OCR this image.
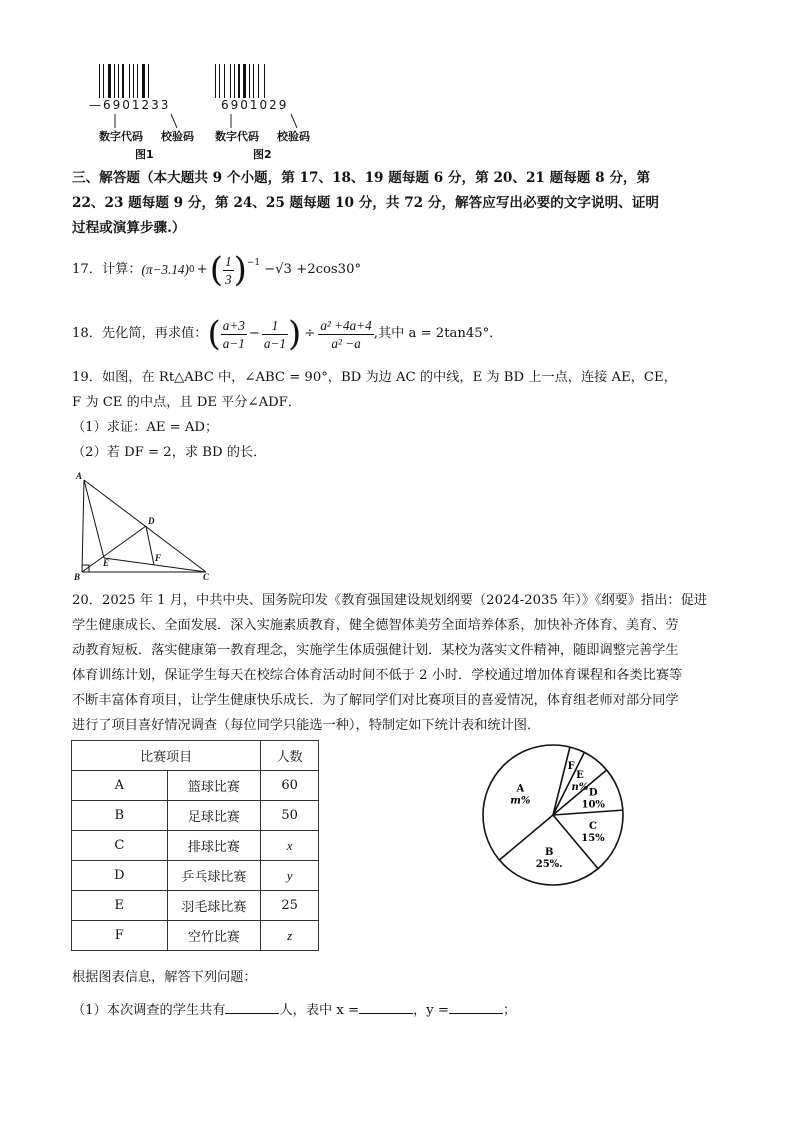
—6901233	6901029
数字代码 校验码 数字代码 校验码
图1	图2
三、解答题（本大题共 9 个小题，第 17、18、19 题每题 6 分，第 20、21 题每题 8 分，第
22、23 题每题 9 分，第 24、25 题每题 10 分，共 72 分，解答应写出必要的文字说明、证明
过程或演算步骤.）
17．计算： (π−3.14) 0 + ( $\frac{1}{3} )^{-1} -√3 +2\cos 30^\circ$
18．先化简，再求值： ( $\frac{a+3}{a-1} - \frac{1}{a-1}$ ) ÷ $\frac{\text{a² +4a+4}}{\text{a² −a}}$ ,其中 a = 2tan45°．
19．如图，在 Rt△ABC 中，∠ABC = 90°，BD 为边 AC 的中线，E 为 BD 上一点，连接 AE，CE，
F 为 CE 的中点，且 DE 平分∠ADF．
（1）求证：AE = AD；
（2）若 DF = 2，求 BD 的长．
A
B	C
D
E	F
20．2025 年 1 月，中共中央、国务院印发《教育强国建设规划纲要（2024-2035 年）》《纲要》指出：促进
学生健康成长、全面发展．深入实施素质教育，健全德智体美劳全面培养体系，加快补齐体育、美育、劳
动教育短板．落实健康第一教育理念，实施学生体质强健计划．某校为落实文件精神，随即调整完善学生
体育训练计划，保证学生每天在校综合体育活动时间不低于 2 小时．学校通过增加体育课程和各类比赛等
不断丰富体育项目，让学生健康快乐成长．为了解同学们对比赛项目的喜爱情况，体育组老师对部分同学
进行了项目喜好情况调查（每位同学只能选一种），特制定如下统计表和统计图．
比赛项目		人数
A	篮球比赛	60
B	足球比赛	50
C	排球比赛	x
D	乒乓球比赛	y
E	羽毛球比赛	25
F	空竹比赛	z
F
E
n%
D
10%
C
15%
B
25%.
A
m%
根据图表信息，解答下列问题：
（1）本次调查的学生共有	人，表中 x =	，y =	；
